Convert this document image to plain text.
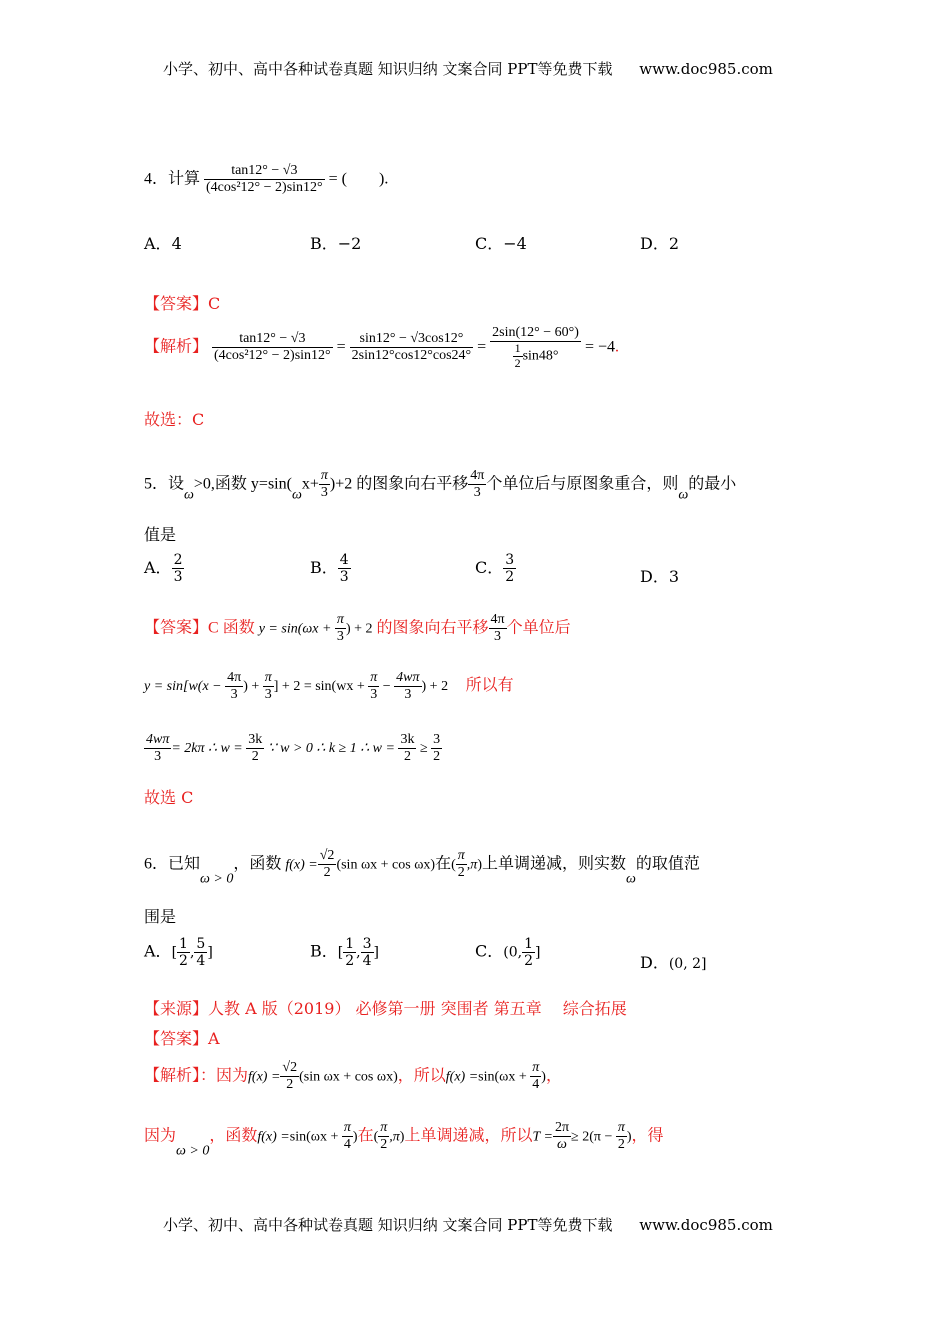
小学、初中、高中各种试卷真题 知识归纳 文案合同 PPT等免费下载 www.doc985.com
4．计算 $\frac{\tan 12^\circ - √3}{\text{(4cos²12° − 2)sin12°}}$ = (　　).
A．4	B．−2	C．−4	D．2
【答案】C
【解析】 $\frac{\tan 12^\circ - √3}{\text{(4cos²12° − 2)sin12°}} = \frac{\sin 12^\circ - √3\cos 12^\circ}{2\sin 12^\circ\cos 12^\circ\cos 24^\circ} = \frac{2\sin(12^\circ - 60^\circ)}{\frac{1}{2} \sin 48^\circ} = -4$.
故选：C
5．设ω>0,函数 $y=\sin(\omega x+ \frac{\pi}{3} )+2$ 的图象向右平移 $\frac{4\pi}{3}$ 个单位后与原图象重合，则ω的最小
值是
A． $\frac{2}{3}$	B． $\frac{4}{3}$	C． $\frac{3}{2}$	D．3
【答案】C 函数 $y = \sin(\omega x + \frac{\pi}{3}$ ) + 2 的图象向右平移 $\frac{4\pi}{3}$ 个单位后
$y = \sin[w(x - \frac{4\pi}{3}$ ) + $\frac{\pi}{3}$ ] + $2 = \sin(wx + \frac{\pi}{3} - \frac{4w\pi}{3}$ ) + 2 所以有
$\frac{4w\pi}{3} = 2k\pi$ ∴ $w = \frac{3k}{2}$ ∵ w > 0 ∴ k ≥ 1 ∴ $w = \frac{3k}{2} \ge \frac{3}{2}$
故选 C
6．已知ω > 0，函数 $f(x) = \frac{√2}{2} (\sin$ ωx + cos ωx)在( $\frac{\pi}{2} ,\pi$)上单调递减，则实数ω的取值范
围是
A．[ $\frac{1}{2}$ , $\frac{5}{4}$ ]	B．[ $\frac{1}{2}$ , $\frac{3}{4}$ ]	C．(0, $\frac{1}{2}$ ]
D．(0, 2]
【来源】人教 A 版（2019） 必修第一册 突围者 第五章　 综合拓展
【答案】A
【解析】：因为$f(x) = \frac{√2}{2} (\sin$ ωx + cos ωx)，所以$f(x) =\sin(\omega x + \frac{\pi}{4}$ )，
因为ω > 0，函数$f(x) =\sin(\omega x + \frac{\pi}{4}$ )在( $\frac{\pi}{2} ,\pi$)上单调递减，所以$T = \frac{2\pi}{\omega} \ge 2(\pi - \frac{\pi}{2}$ )，得
小学、初中、高中各种试卷真题 知识归纳 文案合同 PPT等免费下载 www.doc985.com
